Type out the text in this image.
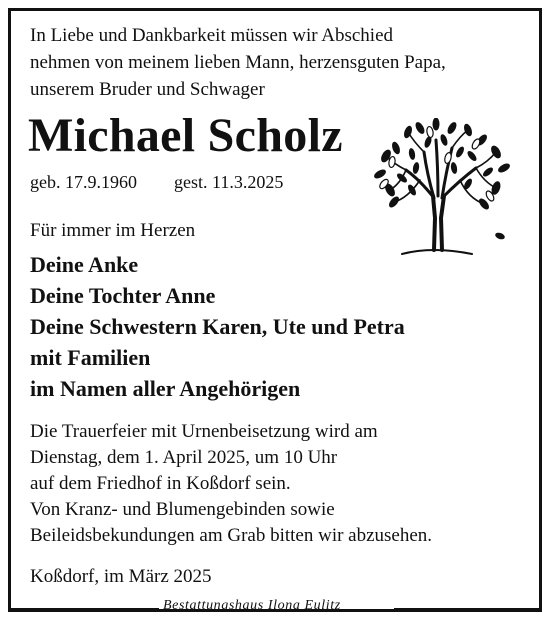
In Liebe und Dankbarkeit müssen wir Abschied
nehmen von meinem lieben Mann, herzensguten Papa,
unserem Bruder und Schwager
Michael Scholz
geb. 17.9.1960 gest. 11.3.2025
Für immer im Herzen
Deine Anke
Deine Tochter Anne
Deine Schwestern Karen, Ute und Petra
mit Familien
im Namen aller Angehörigen
Die Trauerfeier mit Urnenbeisetzung wird am
Dienstag, dem 1. April 2025, um 10 Uhr
auf dem Friedhof in Koßdorf sein.
Von Kranz- und Blumengebinden sowie
Beileidsbekundungen am Grab bitten wir abzusehen.
Koßdorf, im März 2025
Bestattungshaus Ilona Eulitz
